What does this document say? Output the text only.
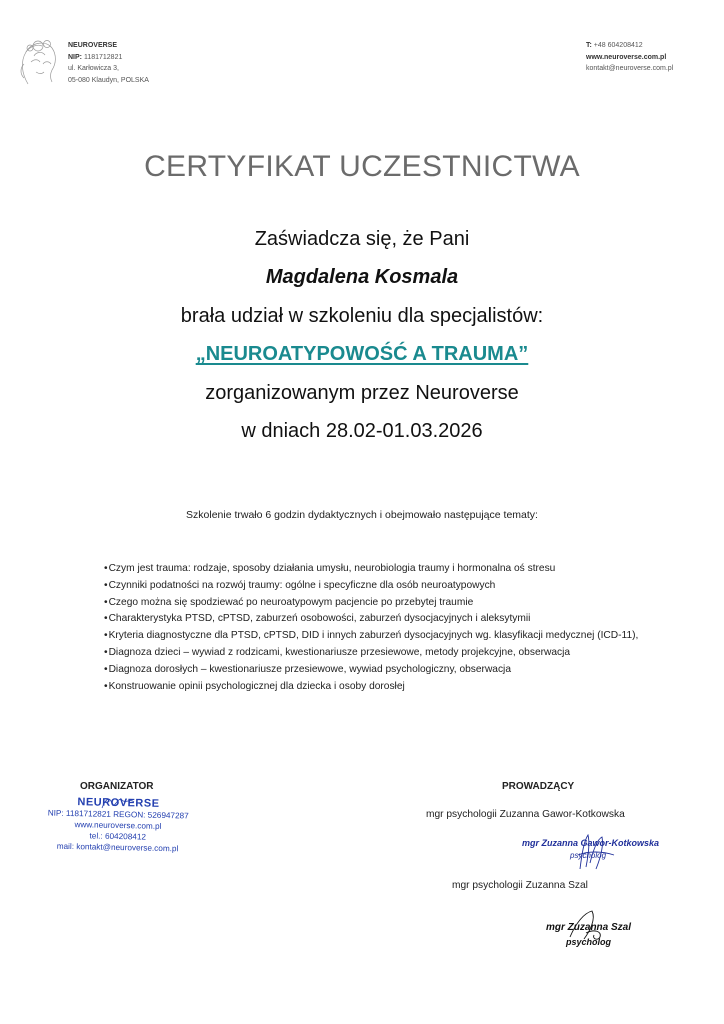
NEUROVERSE
NIP: 1181712821
ul. Karłowicza 3,
05-080 Klaudyn, POLSKA
T: +48 604208412
www.neuroverse.com.pl
kontakt@neuroverse.com.pl
CERTYFIKAT UCZESTNICTWA
Zaświadcza się, że Pani
Magdalena Kosmala
brała udział w szkoleniu dla specjalistów:
„NEUROATYPOWOŚĆ A TRAUMA”
zorganizowanym przez Neuroverse
w dniach 28.02-01.03.2026
Szkolenie trwało 6 godzin dydaktycznych i obejmowało następujące tematy:
• Czym jest trauma: rodzaje, sposoby działania umysłu, neurobiologia traumy i hormonalna oś stresu
• Czynniki podatności na rozwój traumy: ogólne i specyficzne dla osób neuroatypowych
• Czego można się spodziewać po neuroatypowym pacjencie po przebytej traumie
• Charakterystyka PTSD, cPTSD, zaburzeń osobowości, zaburzeń dysocjacyjnych i aleksytymii
• Kryteria diagnostyczne dla PTSD, cPTSD, DID i innych zaburzeń dysocjacyjnych wg. klasyfikacji medycznej (ICD-11),
• Diagnoza dzieci – wywiad z rodzicami, kwestionariusze przesiewowe, metody projekcyjne, obserwacja
• Diagnoza dorosłych – kwestionariusze przesiewowe, wywiad psychologiczny, obserwacja
• Konstruowanie opinii psychologicznej dla dziecka i osoby dorosłej
ORGANIZATOR
NEUROVERSE
NIP: 1181712821 REGON: 526947287
www.neuroverse.com.pl
tel.: 604208412
mail: kontakt@neuroverse.com.pl
PROWADZĄCY
mgr psychologii Zuzanna Gawor-Kotkowska
mgr Zuzanna Gawor-Kotkowska
psycholog
mgr psychologii Zuzanna Szal
mgr Zuzanna Szal
psycholog
